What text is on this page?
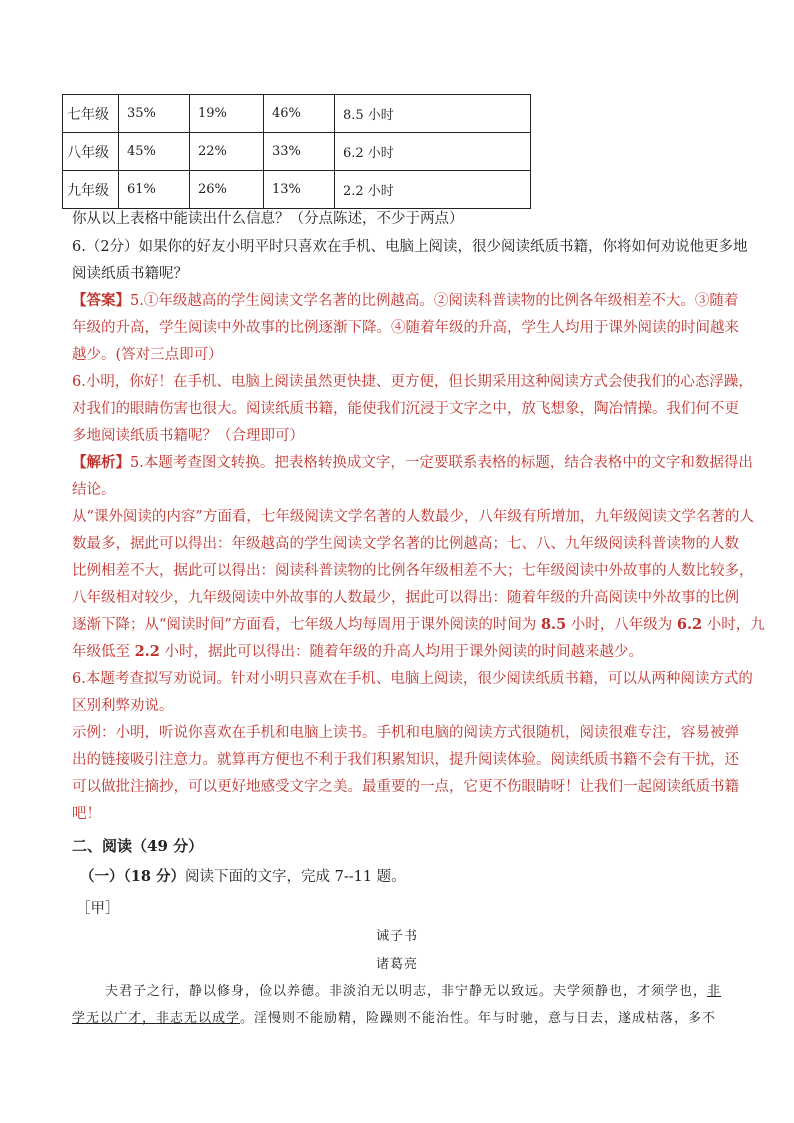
七年级	35%	19%	46%	8.5 小时
八年级	45%	22%	33%	6.2 小时
九年级	61%	26%	13%	2.2 小时
你从以上表格中能读出什么信息？（分点陈述，不少于两点）
6.（2分）如果你的好友小明平时只喜欢在手机、电脑上阅读，很少阅读纸质书籍，你将如何劝说他更多地
阅读纸质书籍呢？
【答案】5.①年级越高的学生阅读文学名著的比例越高。②阅读科普读物的比例各年级相差不大。③随着
年级的升高，学生阅读中外故事的比例逐渐下降。④随着年级的升高，学生人均用于课外阅读的时间越来
越少。(答对三点即可）
6.小明，你好！在手机、电脑上阅读虽然更快捷、更方便，但长期采用这种阅读方式会使我们的心态浮躁，
对我们的眼睛伤害也很大。阅读纸质书籍，能使我们沉浸于文字之中，放飞想象，陶冶情操。我们何不更
多地阅读纸质书籍呢？（合理即可）
【解析】5.本题考查图文转换。把表格转换成文字，一定要联系表格的标题，结合表格中的文字和数据得出
结论。
从“课外阅读的内容”方面看，七年级阅读文学名著的人数最少，八年级有所增加，九年级阅读文学名著的人
数最多，据此可以得出：年级越高的学生阅读文学名著的比例越高；七、八、九年级阅读科普读物的人数
比例相差不大，据此可以得出：阅读科普读物的比例各年级相差不大；七年级阅读中外故事的人数比较多，
八年级相对较少，九年级阅读中外故事的人数最少，据此可以得出：随着年级的升高阅读中外故事的比例
逐渐下降；从“阅读时间”方面看，七年级人均每周用于课外阅读的时间为 8.5 小时，八年级为 6.2 小时，九
年级低至 2.2 小时，据此可以得出：随着年级的升高人均用于课外阅读的时间越来越少。
6.本题考查拟写劝说词。针对小明只喜欢在手机、电脑上阅读，很少阅读纸质书籍，可以从两种阅读方式的
区别利弊劝说。
示例：小明，听说你喜欢在手机和电脑上读书。手机和电脑的阅读方式很随机，阅读很难专注，容易被弹
出的链接吸引注意力。就算再方便也不利于我们积累知识，提升阅读体验。阅读纸质书籍不会有干扰，还
可以做批注摘抄，可以更好地感受文字之美。最重要的一点，它更不伤眼睛呀！让我们一起阅读纸质书籍
吧！
二、阅读（49 分）
（一）（18 分）阅读下面的文字，完成 7--11 题。
［甲］
诫子书
诸葛亮
夫君子之行，静以修身，俭以养德。非淡泊无以明志，非宁静无以致远。夫学须静也，才须学也，非
学无以广才，非志无以成学。淫慢则不能励精，险躁则不能治性。年与时驰，意与日去，遂成枯落，多不
